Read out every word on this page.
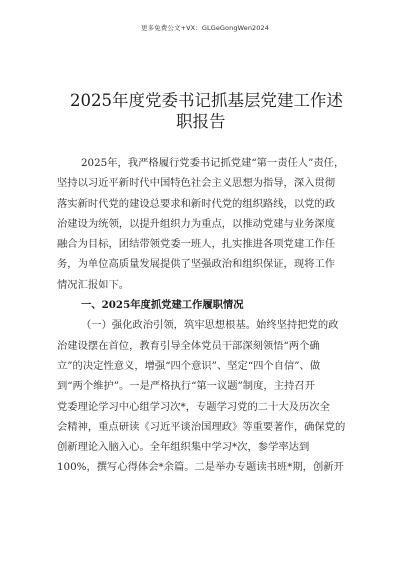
更多免费公文+VX：GLGeGongWen2024
2025年度党委书记抓基层党建工作述
职报告
2025年，我严格履行党委书记抓党建“第一责任人”责任，
坚持以习近平新时代中国特色社会主义思想为指导，深入贯彻
落实新时代党的建设总要求和新时代党的组织路线，以党的政
治建设为统领，以提升组织力为重点，以推动党建与业务深度
融合为目标，团结带领党委一班人，扎实推进各项党建工作任
务，为单位高质量发展提供了坚强政治和组织保证，现将工作
情况汇报如下。
一、2025年度抓党建工作履职情况
（一）强化政治引领，筑牢思想根基。始终坚持把党的政
治建设摆在首位，教育引导全体党员干部深刻领悟“两个确
立”的决定性意义，增强“四个意识”、坚定“四个自信”、做
到“两个维护”。一是严格执行“第一议题”制度，主持召开
党委理论学习中心组学习次*，专题学习党的二十大及历次全
会精神，重点研读《习近平谈治国理政》等重要著作，确保党的
创新理论入脑入心。全年组织集中学习*次，参学率达到
100%，撰写心得体会*余篇。二是举办专题读书班*期，创新开
